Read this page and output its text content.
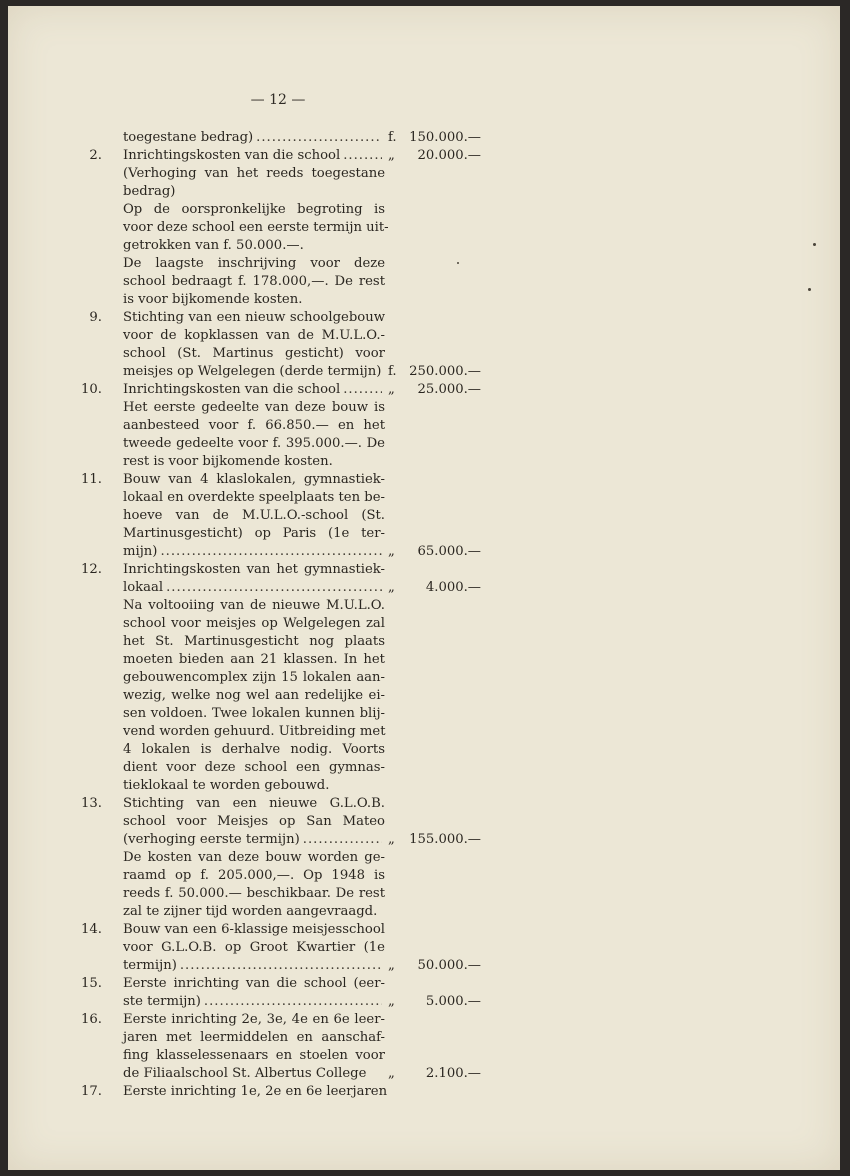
— 12 —
toegestane bedrag) .....	f. 150.000.—
2. Inrichtingskosten van die school .....	„	20.000.—
(Verhoging van het reeds toegestane
bedrag)
Op de oorspronkelijke begroting is
voor deze school een eerste termijn uit-
getrokken van f. 50.000.—.
De laagste inschrijving voor deze
school bedraagt f. 178.000,—. De rest
is voor bijkomende kosten.
9. Stichting van een nieuw schoolgebouw
voor de kopklassen van de M.U.L.O.-
school (St. Martinus gesticht) voor
meisjes op Welgelegen (derde termijn) f. 250.000.—
10. Inrichtingskosten van die school .....	„	25.000.—
Het eerste gedeelte van deze bouw is
aanbesteed voor f. 66.850.— en het
tweede gedeelte voor f. 395.000.—. De
rest is voor bijkomende kosten.
11. Bouw van 4 klaslokalen, gymnastiek-
lokaal en overdekte speelplaats ten be-
hoeve van de M.U.L.O.-school (St.
Martinusgesticht) op Paris (1e ter-
mijn) .....	„	65.000.—
12. Inrichtingskosten van het gymnastiek-
lokaal .....	„	4.000.—
Na voltooiing van de nieuwe M.U.L.O.
school voor meisjes op Welgelegen zal
het St. Martinusgesticht nog plaats
moeten bieden aan 21 klassen. In het
gebouwencomplex zijn 15 lokalen aan-
wezig, welke nog wel aan redelijke ei-
sen voldoen. Twee lokalen kunnen blij-
vend worden gehuurd. Uitbreiding met
4 lokalen is derhalve nodig. Voorts
dient voor deze school een gymnas-
tieklokaal te worden gebouwd.
13. Stichting van een nieuwe G.L.O.B.
school voor Meisjes op San Mateo
(verhoging eerste termijn) .....	„	155.000.—
De kosten van deze bouw worden ge-
raamd op f. 205.000,—. Op 1948 is
reeds f. 50.000.— beschikbaar. De rest
zal te zijner tijd worden aangevraagd.
14. Bouw van een 6-klassige meisjesschool
voor G.L.O.B. op Groot Kwartier (1e
termijn) .....	„	50.000.—
15. Eerste inrichting van die school (eer-
ste termijn) .....	„	5.000.—
16. Eerste inrichting 2e, 3e, 4e en 6e leer-
jaren met leermiddelen en aanschaf-
fing klasselessenaars en stoelen voor
de Filiaalschool St. Albertus College	„	2.100.—
17. Eerste inrichting 1e, 2e en 6e leerjaren
